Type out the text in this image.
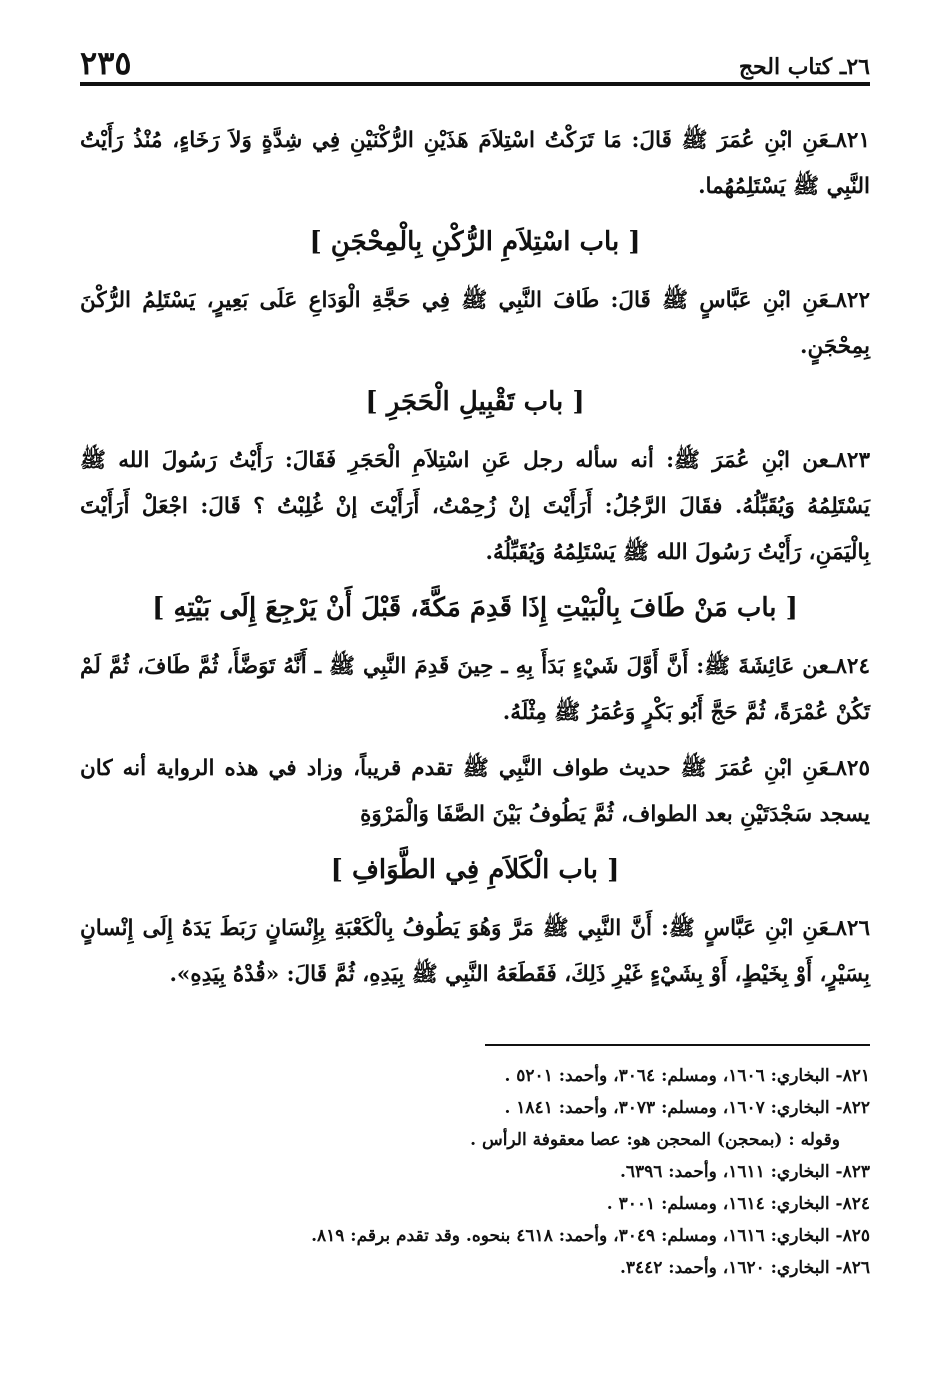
٢٦ـ كتاب الحج
٢٣٥

٨٢١ـعَنِ ابْنِ عُمَرَ ﷺ قَالَ: مَا تَرَكْتُ اسْتِلاَمَ هَذَيْنِ الرُّكْنَيْنِ فِي شِدَّةٍ وَلاَ رَخَاءٍ، مُنْذُ رَأَيْتُ النَّبِي ﷺ يَسْتَلِمُهُما.

[ باب اسْتِلاَمِ الرُّكْنِ بِالْمِحْجَنِ ]

٨٢٢ـعَنِ ابْنِ عَبَّاسٍ ﷺ قَالَ: طَافَ النَّبِي ﷺ فِي حَجَّةِ الْوَدَاعِ عَلَى بَعِيرٍ، يَسْتَلِمُ الرُّكْنَ بِمِحْجَنٍ.

[ باب تَقْبِيلِ الْحَجَرِ ]

٨٢٣ـعن ابْنِ عُمَرَ ﷺ: أنه سأله رجل عَنِ اسْتِلاَمِ الْحَجَرِ فَقَالَ: رَأَيْتُ رَسُولَ الله ﷺ يَسْتَلِمُهُ وَيُقَبِّلُهُ. فقَالَ الرَّجُلُ: أَرَأَيْتَ إنْ زُحِمْتُ، أَرَأَيْتَ إنْ غُلِبْتُ ؟ قَالَ: اجْعَلْ أَرَأَيْتَ بِالْيَمَنِ، رَأَيْتُ رَسُولَ الله ﷺ يَسْتَلِمُهُ وَيُقَبِّلُهُ.

[ باب مَنْ طَافَ بِالْبَيْتِ إِذَا قَدِمَ مَكَّةَ، قَبْلَ أَنْ يَرْجِعَ إِلَى بَيْتِهِ ]

٨٢٤ـعن عَائِشَةَ ﷺ: أَنَّ أَوَّلَ شَيْءٍ بَدَأَ بِهِ ـ حِينَ قَدِمَ النَّبِي ﷺ ـ أَنَّهُ تَوَضَّأَ، ثُمَّ طَافَ، ثُمَّ لَمْ تَكُنْ عُمْرَةً، ثُمَّ حَجَّ أَبُو بَكْرٍ وَعُمَرُ ﷺ مِثْلَهُ.

٨٢٥ـعَنِ ابْنِ عُمَرَ ﷺ حديث طواف النَّبِي ﷺ تقدم قريباً، وزاد في هذه الرواية أنه كان يسجد سَجْدَتَيْنِ بعد الطواف، ثُمَّ يَطُوفُ بَيْنَ الصَّفَا وَالْمَرْوَةِ

[ باب الْكَلاَمِ فِي الطَّوَافِ ]

٨٢٦ـعَنِ ابْنِ عَبَّاسٍ ﷺ: أَنَّ النَّبِي ﷺ مَرَّ وَهُوَ يَطُوفُ بِالْكَعْبَةِ بِإِنْسَانٍ رَبَطَ يَدَهُ إِلَى إِنْسانٍ بِسَيْرٍ، أَوْ بِخَيْطٍ، أَوْ بِشَيْءٍ غَيْرِ ذَلِكَ، فَقَطَعَهُ النَّبِي ﷺ بِيَدِهِ، ثُمَّ قَالَ: «قُدْهُ بِيَدِهِ».

٨٢١- البخاري: ١٦٠٦، ومسلم: ٣٠٦٤، وأحمد: ٥٢٠١ .

٨٢٢- البخاري: ١٦٠٧، ومسلم: ٣٠٧٣، وأحمد: ١٨٤١ .

وقوله : (بمحجن) المحجن هو: عصا معقوفة الرأس .

٨٢٣- البخاري: ١٦١١، وأحمد: ٦٣٩٦.

٨٢٤- البخاري: ١٦١٤، ومسلم: ٣٠٠١ .

٨٢٥- البخاري: ١٦١٦، ومسلم: ٣٠٤٩، وأحمد: ٤٦١٨ بنحوه. وقد تقدم برقم: ٨١٩.

٨٢٦- البخاري: ١٦٢٠، وأحمد: ٣٤٤٢.
